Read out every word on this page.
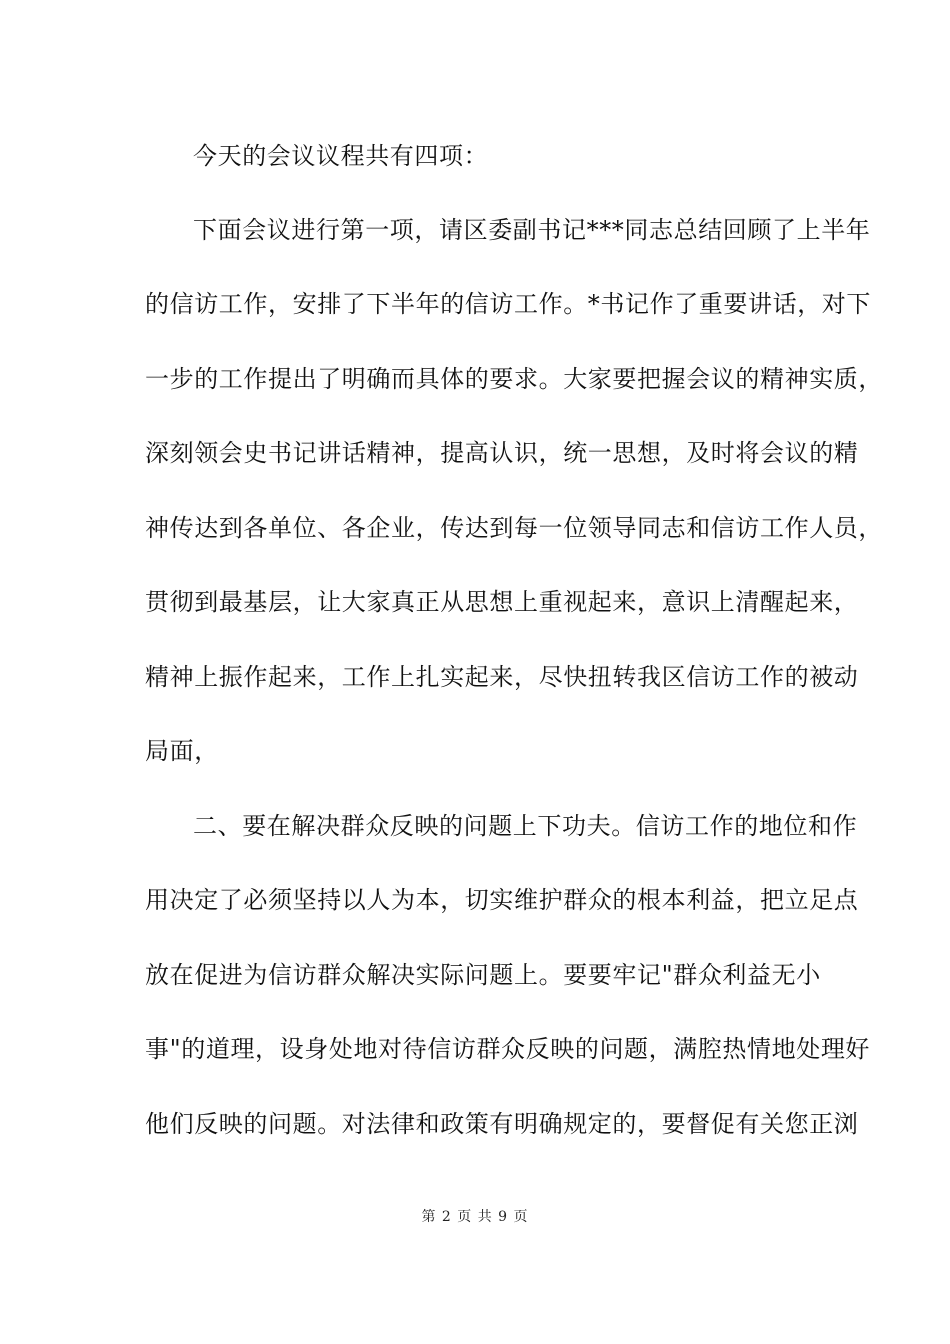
今天的会议议程共有四项：
下面会议进行第一项，请区委副书记***同志总结回顾了上半年
的信访工作，安排了下半年的信访工作。*书记作了重要讲话，对下
一步的工作提出了明确而具体的要求。大家要把握会议的精神实质，
深刻领会史书记讲话精神，提高认识，统一思想，及时将会议的精
神传达到各单位、各企业，传达到每一位领导同志和信访工作人员，
贯彻到最基层，让大家真正从思想上重视起来，意识上清醒起来，
精神上振作起来，工作上扎实起来，尽快扭转我区信访工作的被动
局面，
二、要在解决群众反映的问题上下功夫。信访工作的地位和作
用决定了必须坚持以人为本，切实维护群众的根本利益，把立足点
放在促进为信访群众解决实际问题上。要要牢记"群众利益无小
事"的道理，设身处地对待信访群众反映的问题，满腔热情地处理好
他们反映的问题。对法律和政策有明确规定的，要督促有关您正浏
第 2 页 共 9 页
